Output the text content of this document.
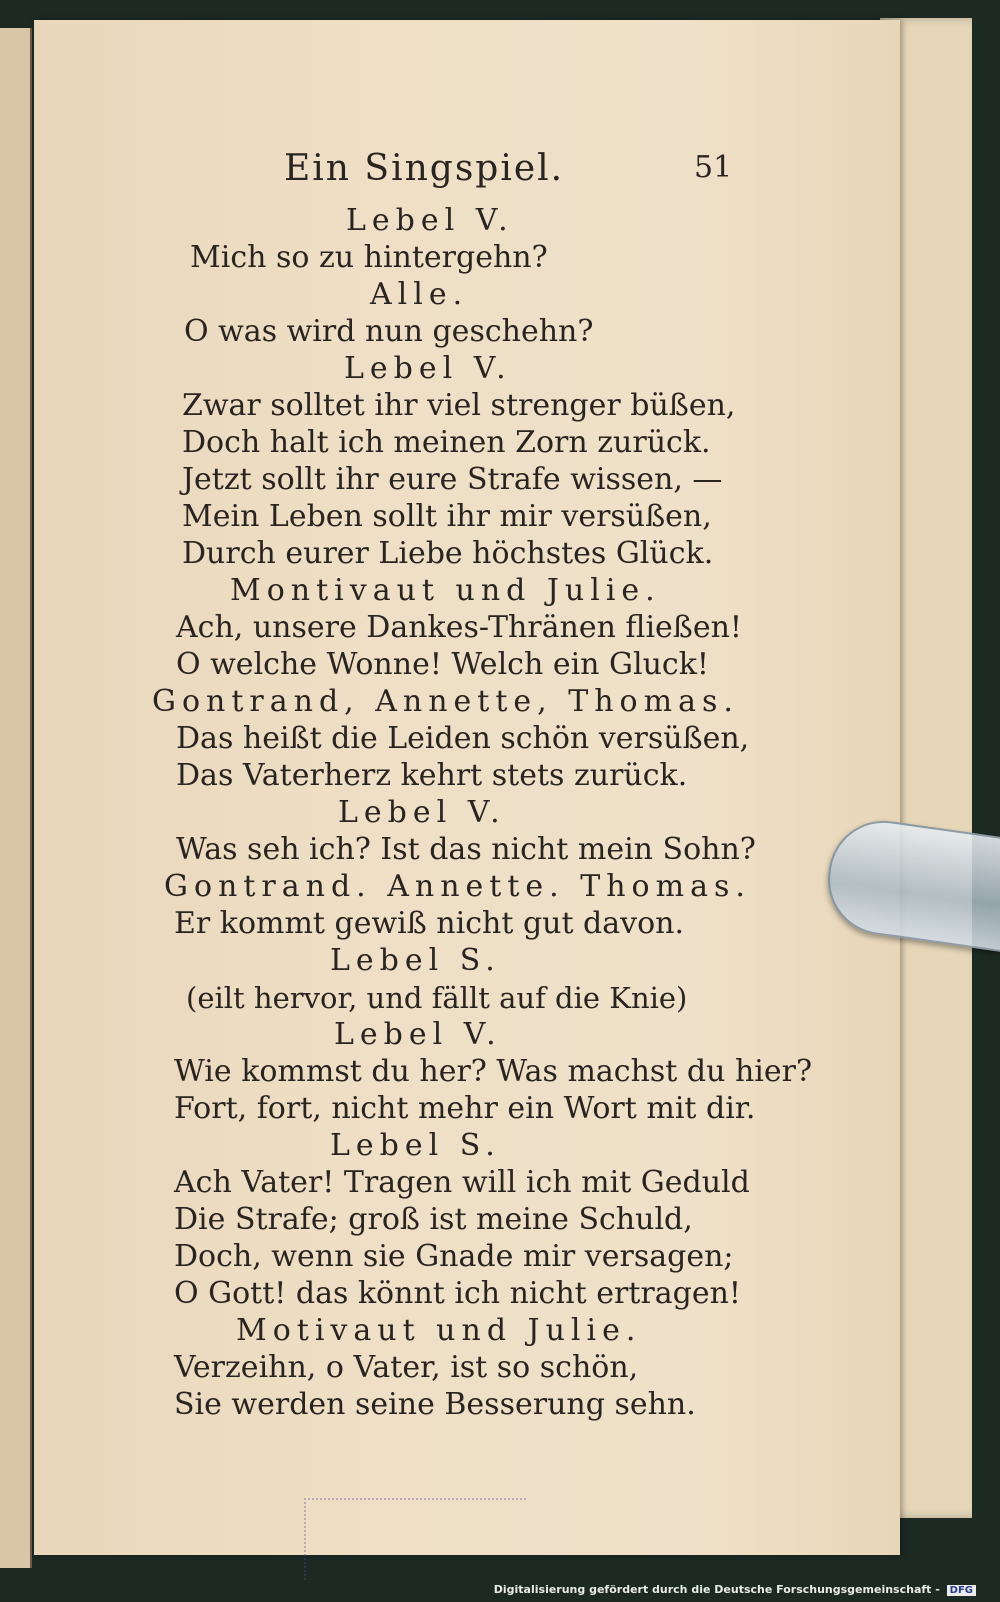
Ein Singspiel.	51
Lebel V.
Mich so zu hintergehn?
Alle.
O was wird nun geschehn?
Lebel V.
Zwar solltet ihr viel strenger büßen,
Doch halt ich meinen Zorn zurück.
Jetzt sollt ihr eure Strafe wissen, —
Mein Leben sollt ihr mir versüßen,
Durch eurer Liebe höchstes Glück.
Montivaut und Julie.
Ach, unsere Dankes-Thränen fließen!
O welche Wonne! Welch ein Gluck!
Gontrand, Annette, Thomas.
Das heißt die Leiden schön versüßen,
Das Vaterherz kehrt stets zurück.
Lebel V.
Was seh ich? Ist das nicht mein Sohn?
Gontrand. Annette. Thomas.
Er kommt gewiß nicht gut davon.
Lebel S.
(eilt hervor, und fällt auf die Knie)
Lebel V.
Wie kommst du her? Was machst du hier?
Fort, fort, nicht mehr ein Wort mit dir.
Lebel S.
Ach Vater! Tragen will ich mit Geduld
Die Strafe; groß ist meine Schuld,
Doch, wenn sie Gnade mir versagen;
O Gott! das könnt ich nicht ertragen!
Motivaut und Julie.
Verzeihn, o Vater, ist so schön,
Sie werden seine Besserung sehn.
Digitalisierung gefördert durch die Deutsche Forschungsgemeinschaft - DFG
